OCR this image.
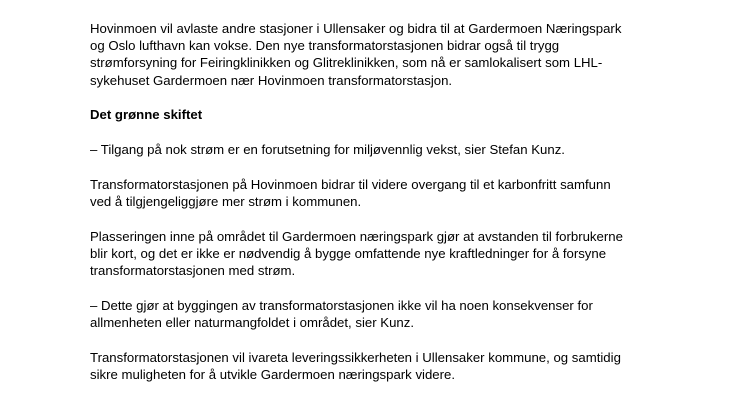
Hovinmoen vil avlaste andre stasjoner i Ullensaker og bidra til at Gardermoen Næringspark
og Oslo lufthavn kan vokse. Den nye transformatorstasjonen bidrar også til trygg
strømforsyning for Feiringklinikken og Glitreklinikken, som nå er samlokalisert som LHL-
sykehuset Gardermoen nær Hovinmoen transformatorstasjon.

Det grønne skiftet

– Tilgang på nok strøm er en forutsetning for miljøvennlig vekst, sier Stefan Kunz.

Transformatorstasjonen på Hovinmoen bidrar til videre overgang til et karbonfritt samfunn
ved å tilgjengeliggjøre mer strøm i kommunen.

Plasseringen inne på området til Gardermoen næringspark gjør at avstanden til forbrukerne
blir kort, og det er ikke er nødvendig å bygge omfattende nye kraftledninger for å forsyne
transformatorstasjonen med strøm.

– Dette gjør at byggingen av transformatorstasjonen ikke vil ha noen konsekvenser for
allmenheten eller naturmangfoldet i området, sier Kunz.

Transformatorstasjonen vil ivareta leveringssikkerheten i Ullensaker kommune, og samtidig
sikre muligheten for å utvikle Gardermoen næringspark videre.
